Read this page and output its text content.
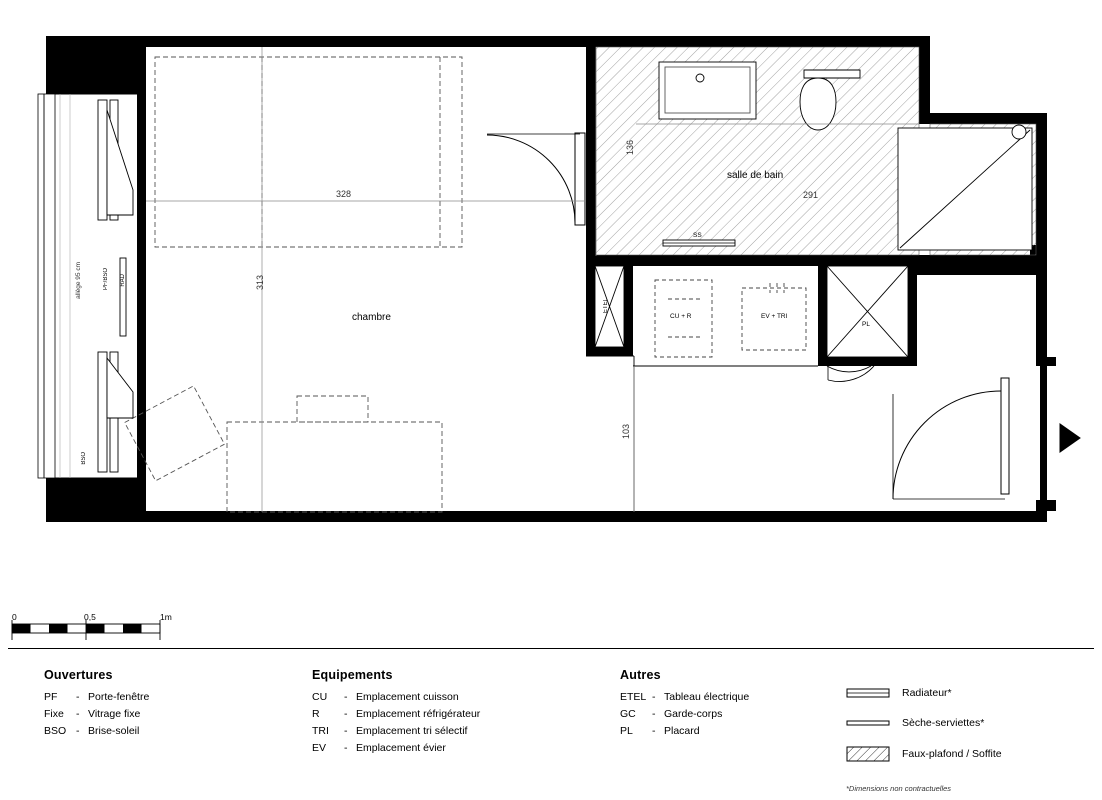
chambre
salle de bain
328
313
136
291
103
allège 95 cm
SS
CU + R	EV + TRI
PL
ETEL
PF/BSO RAD
BSO
0	0,5	1m
Ouvertures
PF	- Porte-fenêtre
Fixe	- Vitrage fixe
BSO - Brise-soleil
Equipements
CU	- Emplacement cuisson
R	- Emplacement réfrigérateur
TRI	- Emplacement tri sélectif
EV	- Emplacement évier
Autres
ETEL - Tableau électrique
GC	- Garde-corps
PL	- Placard
Radiateur*
Sèche-serviettes*
Faux-plafond / Soffite
*Dimensions non contractuelles
